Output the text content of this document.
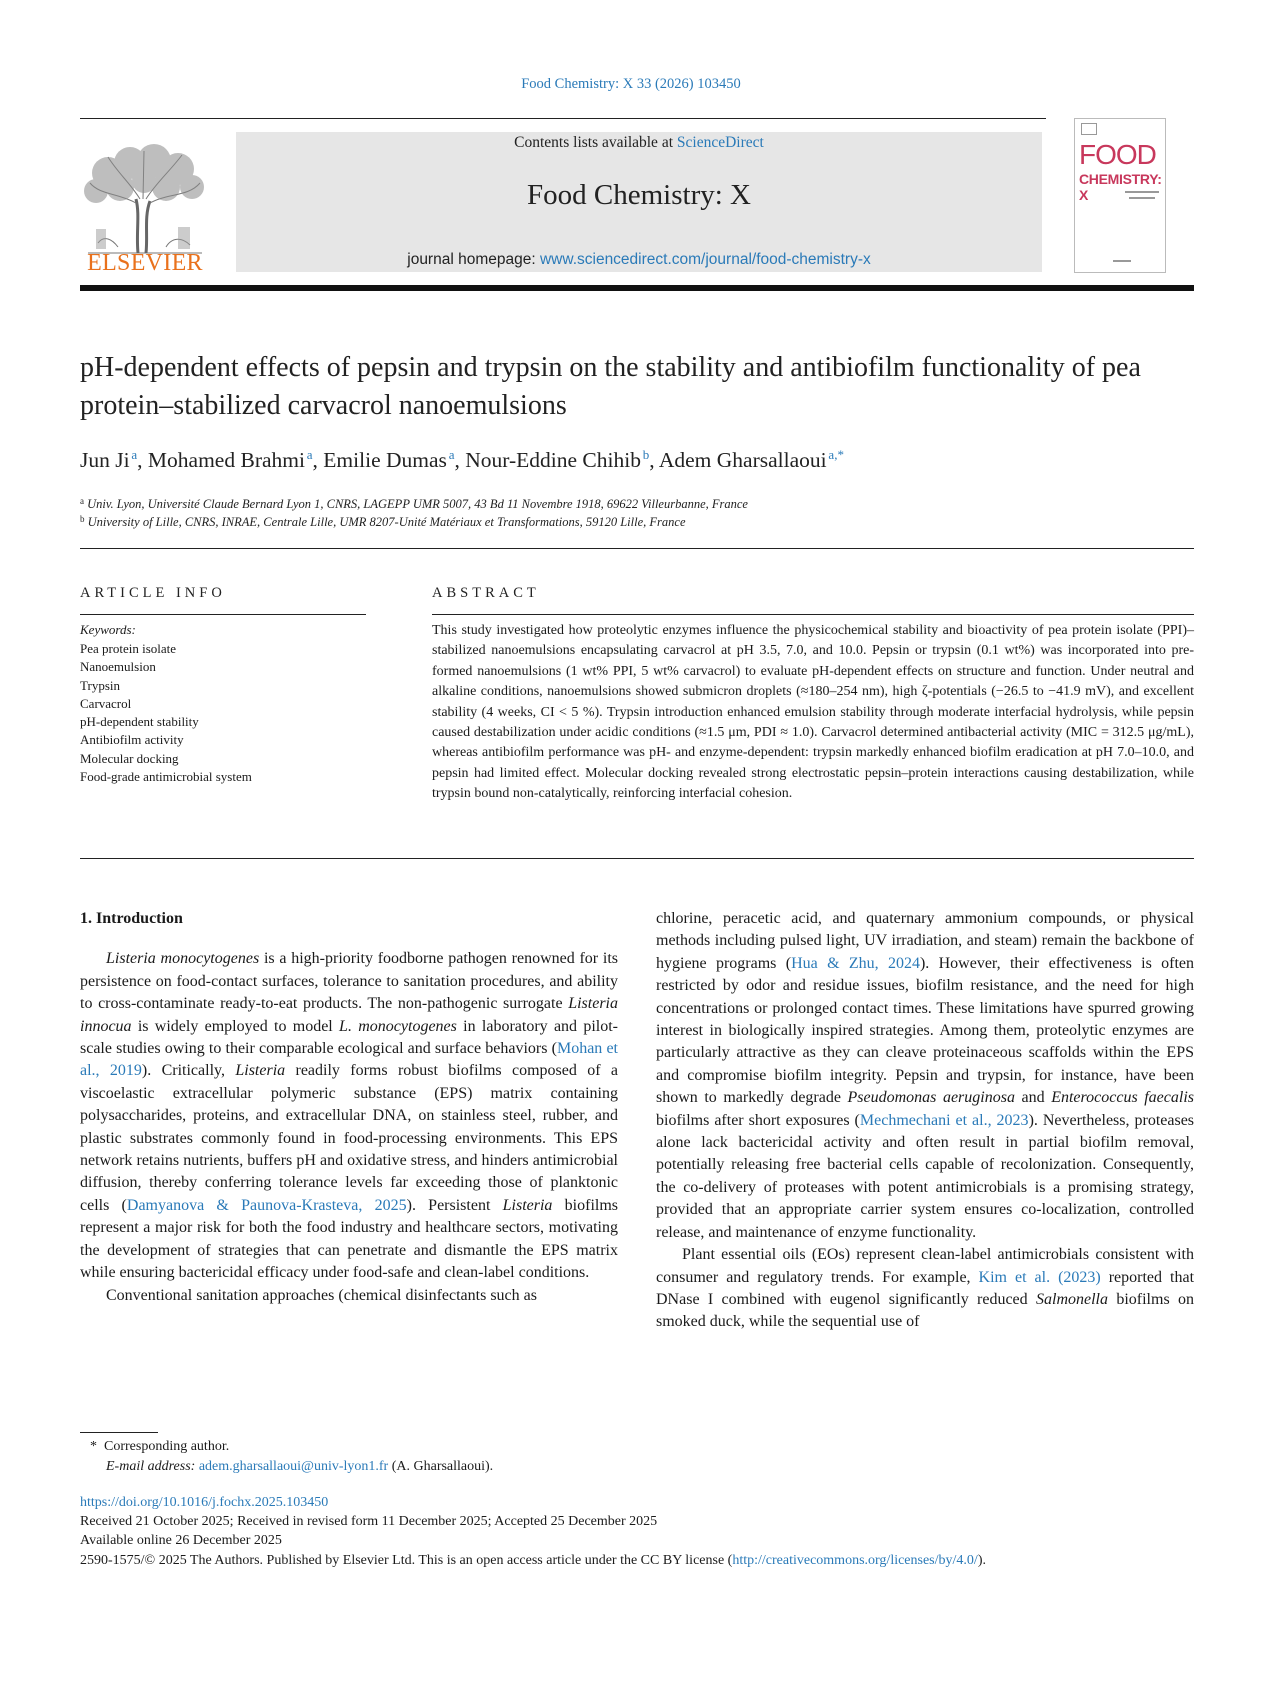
Food Chemistry: X 33 (2026) 103450
ELSEVIER
Contents lists available at ScienceDirect
Food Chemistry: X
journal homepage: www.sciencedirect.com/journal/food-chemistry-x
FOOD
CHEMISTRY: X
pH-dependent effects of pepsin and trypsin on the stability and antibiofilm functionality of pea protein–stabilized carvacrol nanoemulsions
Jun Ji  $^a$, Mohamed Brahmi  $^a$, Emilie Dumas  $^a$, Nour-Eddine Chihib  $^b$, Adem Gharsallaoui  $^{a,*}$
$^a$ Univ. Lyon, Université Claude Bernard Lyon 1, CNRS, LAGEPP UMR 5007, 43 Bd 11 Novembre 1918, 69622 Villeurbanne, France
$^b$ University of Lille, CNRS, INRAE, Centrale Lille, UMR 8207-Unité Matériaux et Transformations, 59120 Lille, France
ARTICLE INFO
Keywords:
Pea protein isolate
Nanoemulsion
Trypsin
Carvacrol
pH-dependent stability
Antibiofilm activity
Molecular docking
Food-grade antimicrobial system
ABSTRACT
This study investigated how proteolytic enzymes influence the physicochemical stability and bioactivity of pea protein isolate (PPI)–stabilized nanoemulsions encapsulating carvacrol at pH 3.5, 7.0, and 10.0. Pepsin or trypsin (0.1 wt%) was incorporated into pre-formed nanoemulsions (1 wt% PPI, 5 wt% carvacrol) to evaluate pH-dependent effects on structure and function. Under neutral and alkaline conditions, nanoemulsions showed submicron droplets (≈180–254 nm), high ζ-potentials (−26.5 to −41.9 mV), and excellent stability (4 weeks, CI < 5 %). Trypsin introduction enhanced emulsion stability through moderate interfacial hydrolysis, while pepsin caused destabilization under acidic conditions (≈1.5 μm, PDI ≈ 1.0). Carvacrol determined antibacterial activity (MIC = 312.5 μg/mL), whereas antibiofilm performance was pH- and enzyme-dependent: trypsin markedly enhanced biofilm eradication at pH 7.0–10.0, and pepsin had limited effect. Molecular docking revealed strong electrostatic pepsin–protein interactions causing destabilization, while trypsin bound non-catalytically, reinforcing interfacial cohesion.

1. Introduction

Listeria monocytogenes is a high-priority foodborne pathogen renowned for its persistence on food-contact surfaces, tolerance to sanitation procedures, and ability to cross-contaminate ready-to-eat products. The non-pathogenic surrogate Listeria innocua is widely employed to model L. monocytogenes in laboratory and pilot-scale studies owing to their comparable ecological and surface behaviors (Mohan et al., 2019). Critically, Listeria readily forms robust biofilms composed of a viscoelastic extracellular polymeric substance (EPS) matrix containing polysaccharides, proteins, and extracellular DNA, on stainless steel, rubber, and plastic substrates commonly found in food-processing environments. This EPS network retains nutrients, buffers pH and oxidative stress, and hinders antimicrobial diffusion, thereby conferring tolerance levels far exceeding those of planktonic cells (Damyanova & Paunova-Krasteva, 2025). Persistent Listeria biofilms represent a major risk for both the food industry and healthcare sectors, motivating the development of strategies that can penetrate and dismantle the EPS matrix while ensuring bactericidal efficacy under food-safe and clean-label conditions.

Conventional sanitation approaches (chemical disinfectants such as

chlorine, peracetic acid, and quaternary ammonium compounds, or physical methods including pulsed light, UV irradiation, and steam) remain the backbone of hygiene programs (Hua & Zhu, 2024). However, their effectiveness is often restricted by odor and residue issues, biofilm resistance, and the need for high concentrations or prolonged contact times. These limitations have spurred growing interest in biologically inspired strategies. Among them, proteolytic enzymes are particularly attractive as they can cleave proteinaceous scaffolds within the EPS and compromise biofilm integrity. Pepsin and trypsin, for instance, have been shown to markedly degrade Pseudomonas aeruginosa and Enterococcus faecalis biofilms after short exposures (Mechmechani et al., 2023). Nevertheless, proteases alone lack bactericidal activity and often result in partial biofilm removal, potentially releasing free bacterial cells capable of recolonization. Consequently, the co-delivery of proteases with potent antimicrobials is a promising strategy, provided that an appropriate carrier system ensures co-localization, controlled release, and maintenance of enzyme functionality.

Plant essential oils (EOs) represent clean-label antimicrobials consistent with consumer and regulatory trends. For example, Kim et al. (2023) reported that DNase I combined with eugenol significantly reduced Salmonella biofilms on smoked duck, while the sequential use of

* Corresponding author.
E-mail address: adem.gharsallaoui@univ-lyon1.fr (A. Gharsallaoui).
https://doi.org/10.1016/j.fochx.2025.103450
Received 21 October 2025; Received in revised form 11 December 2025; Accepted 25 December 2025
Available online 26 December 2025
2590-1575/© 2025 The Authors. Published by Elsevier Ltd. This is an open access article under the CC BY license (http://creativecommons.org/licenses/by/4.0/).
